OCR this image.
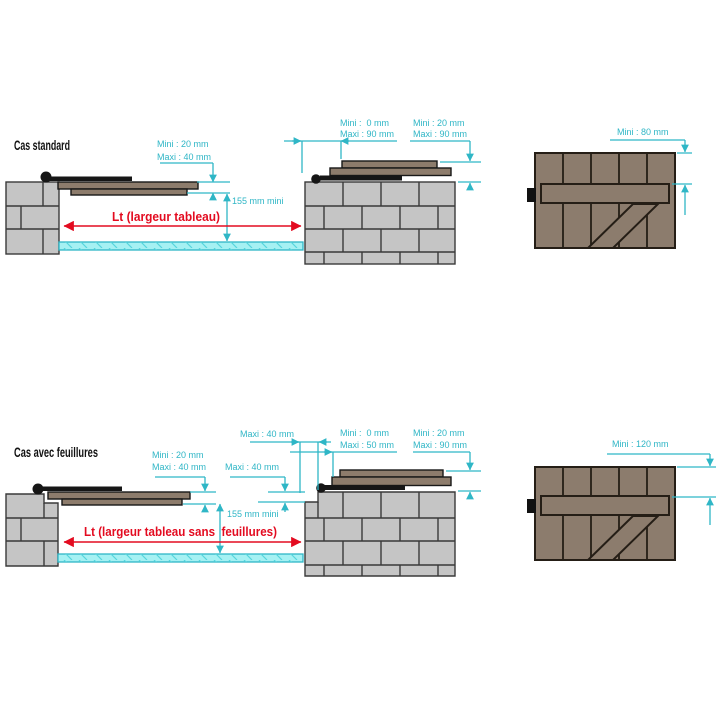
Cas standard	Mini : 20 mm
Maxi : 40 mm
155 mm mini
Mini :  0 mm
Maxi : 90 mm
Mini : 20 mm
Maxi : 90 mm
Lt (largeur tableau)
Mini : 80 mm
Cas avec feuillures	Mini : 20 mm
Maxi : 40 mm Maxi : 40 mm
Maxi : 40 mm
155 mm mini
Mini :  0 mm
Maxi : 50 mm
Mini : 20 mm
Maxi : 90 mm
Lt (largeur tableau sans  feuillures)
Mini : 120 mm
